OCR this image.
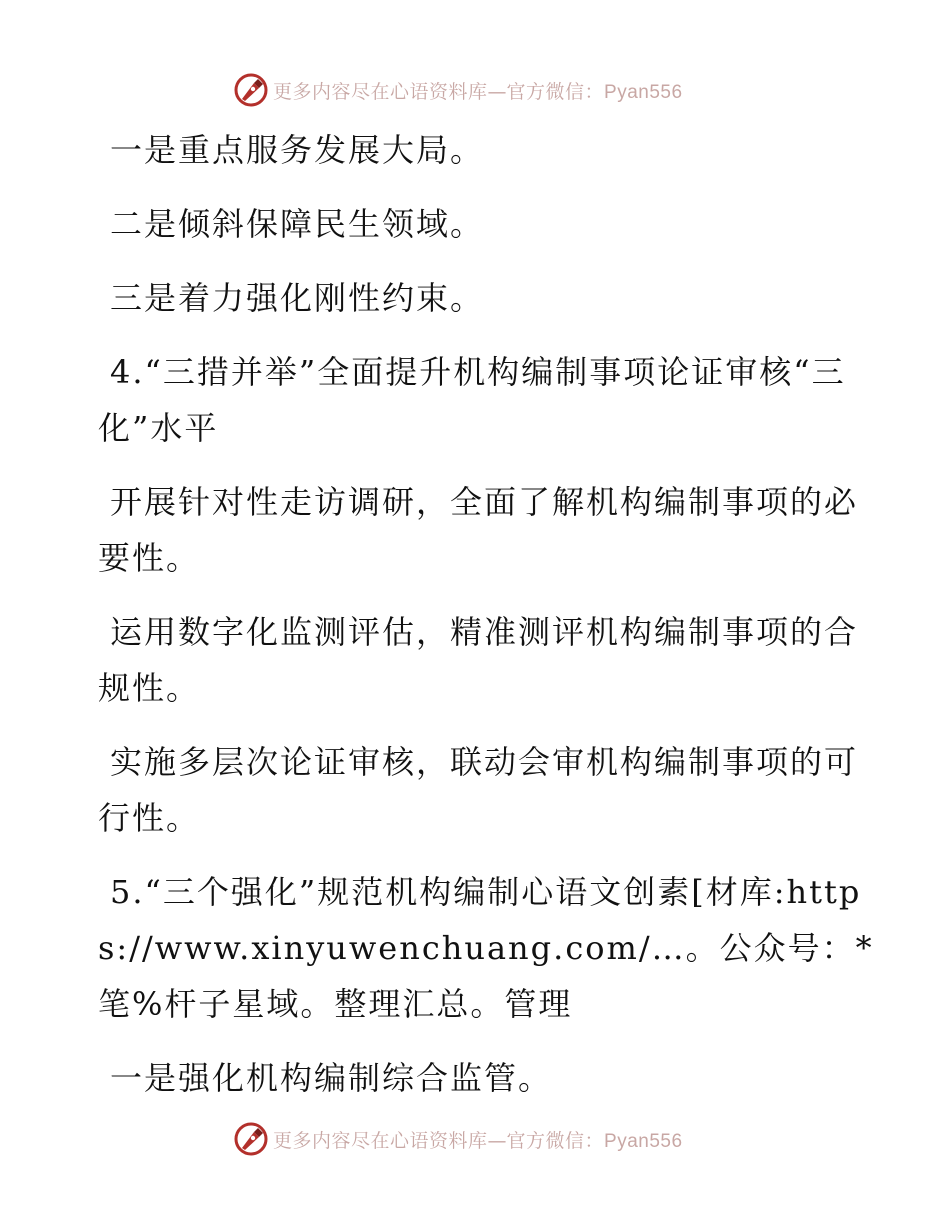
更多内容尽在心语资料库—官方微信：Pyan556

一是重点服务发展大局。

二是倾斜保障民生领域。

三是着力强化刚性约束。

4.“三措并举”全面提升机构编制事项论证审核“三化”水平

开展针对性走访调研，全面了解机构编制事项的必要性。

运用数字化监测评估，精准测评机构编制事项的合规性。

实施多层次论证审核，联动会审机构编制事项的可行性。

5.“三个强化”规范机构编制心语文创素[材库:https://www.xinyuwenchuang.com/…。公众号：*笔%杆子星域。整理汇总。管理

一是强化机构编制综合监管。

更多内容尽在心语资料库—官方微信：Pyan556
